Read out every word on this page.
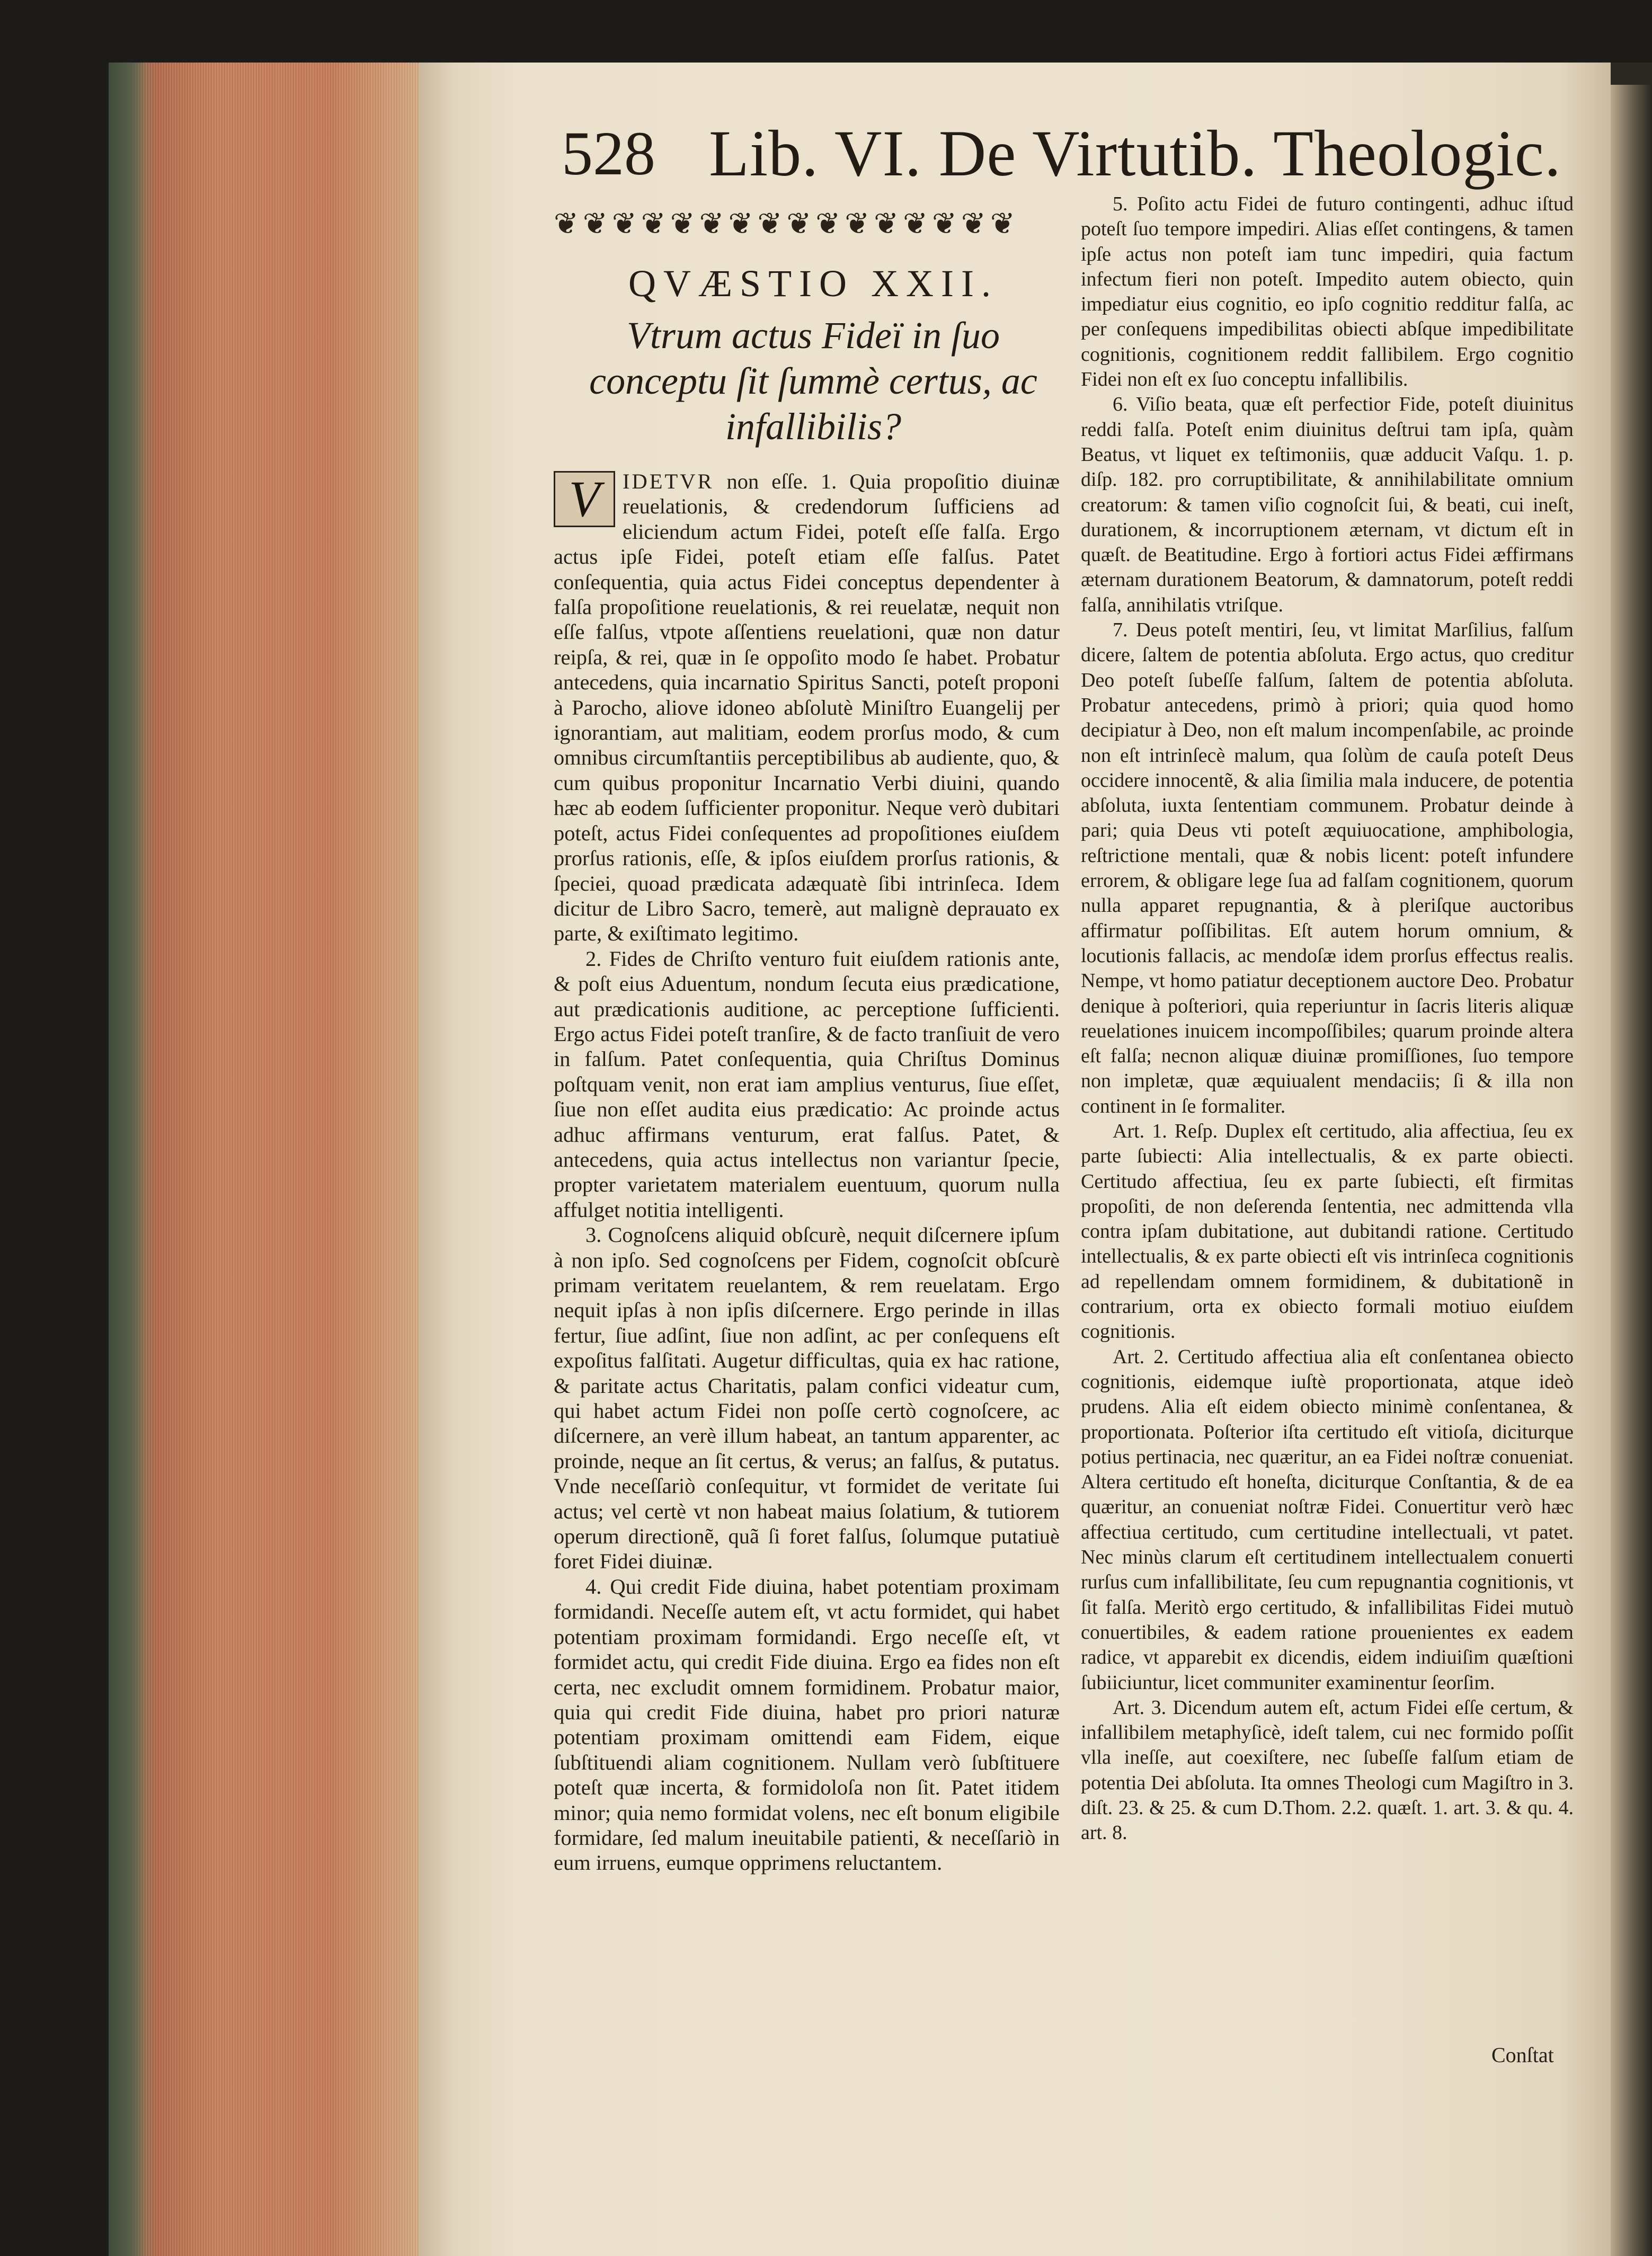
528 Lib. VI. De Virtutib. Theologic.
❦❦❦❦❦❦❦❦❦❦❦❦❦❦❦❦
QVÆSTIO XXII.
Vtrum actus Fideï in ſuo conceptu ſit ſummè certus, ac infallibilis?

V	IDETVR non eſſe. 1. Quia propoſitio diuinæ reuelationis, & credendorum ſufficiens ad eliciendum actum Fidei, poteſt eſſe falſa. Ergo actus ipſe Fidei, poteſt etiam eſſe falſus. Patet conſequentia, quia actus Fidei conceptus dependenter à falſa propoſitione reuelationis, & rei reuelatæ, nequit non eſſe falſus, vtpote aſſentiens reuelationi, quæ non datur reipſa, & rei, quæ in ſe oppoſito modo ſe habet. Probatur antecedens, quia incarnatio Spiritus Sancti, poteſt proponi à Parocho, aliove idoneo abſolutè Miniſtro Euangelij per ignorantiam, aut malitiam, eodem prorſus modo, & cum omnibus circumſtantiis perceptibilibus ab audiente, quo, & cum quibus proponitur Incarnatio Verbi diuini, quando hæc ab eodem ſufficienter proponitur. Neque verò dubitari poteſt, actus Fidei conſequentes ad propoſitiones eiuſdem prorſus rationis, eſſe, & ipſos eiuſdem prorſus rationis, & ſpeciei, quoad prædicata adæquatè ſibi intrinſeca. Idem dicitur de Libro Sacro, temerè, aut malignè deprauato ex parte, & exiſtimato legitimo.

2. Fides de Chriſto venturo fuit eiuſdem rationis ante, & poſt eius Aduentum, nondum ſecuta eius prædicatione, aut prædicationis auditione, ac perceptione ſufficienti. Ergo actus Fidei poteſt tranſire, & de facto tranſiuit de vero in falſum. Patet conſequentia, quia Chriſtus Dominus poſtquam venit, non erat iam amplius venturus, ſiue eſſet, ſiue non eſſet audita eius prædicatio: Ac proinde actus adhuc affirmans venturum, erat falſus. Patet, & antecedens, quia actus intellectus non variantur ſpecie, propter varietatem materialem euentuum, quorum nulla affulget notitia intelligenti.

3. Cognoſcens aliquid obſcurè, nequit diſcernere ipſum à non ipſo. Sed cognoſcens per Fidem, cognoſcit obſcurè primam veritatem reuelantem, & rem reuelatam. Ergo nequit ipſas à non ipſis diſcernere. Ergo perinde in illas fertur, ſiue adſint, ſiue non adſint, ac per conſequens eſt expoſitus falſitati. Augetur difficultas, quia ex hac ratione, & paritate actus Charitatis, palam confici videatur cum, qui habet actum Fidei non poſſe certò cognoſcere, ac diſcernere, an verè illum habeat, an tantum apparenter, ac proinde, neque an ſit certus, & verus; an falſus, & putatus. Vnde neceſſariò conſequitur, vt formidet de veritate ſui actus; vel certè vt non habeat maius ſolatium, & tutiorem operum directionẽ, quã ſi foret falſus, ſolumque putatiuè foret Fidei diuinæ.

4. Qui credit Fide diuina, habet potentiam proximam formidandi. Neceſſe autem eſt, vt actu formidet, qui habet potentiam proximam formidandi. Ergo neceſſe eſt, vt formidet actu, qui credit Fide diuina. Ergo ea fides non eſt certa, nec excludit omnem formidinem. Probatur maior, quia qui credit Fide diuina, habet pro priori naturæ potentiam proximam omittendi eam Fidem, eique ſubſtituendi aliam cognitionem. Nullam verò ſubſtituere poteſt quæ incerta, & formidoloſa non ſit. Patet itidem minor; quia nemo formidat volens, nec eſt bonum eligibile formidare, ſed malum ineuitabile patienti, & neceſſariò in eum irruens, eumque opprimens reluctantem.

5. Poſito actu Fidei de futuro contingenti, adhuc iſtud poteſt ſuo tempore impediri. Alias eſſet contingens, & tamen ipſe actus non poteſt iam tunc impediri, quia factum infectum fieri non poteſt. Impedito autem obiecto, quin impediatur eius cognitio, eo ipſo cognitio redditur falſa, ac per conſequens impedibilitas obiecti abſque impedibilitate cognitionis, cognitionem reddit fallibilem. Ergo cognitio Fidei non eſt ex ſuo conceptu infallibilis.

6. Viſio beata, quæ eſt perfectior Fide, poteſt diuinitus reddi falſa. Poteſt enim diuinitus deſtrui tam ipſa, quàm Beatus, vt liquet ex teſtimoniis, quæ adducit Vaſqu. 1. p. diſp. 182. pro corruptibilitate, & annihilabilitate omnium creatorum: & tamen viſio cognoſcit ſui, & beati, cui ineſt, durationem, & incorruptionem æternam, vt dictum eſt in quæſt. de Beatitudine. Ergo à fortiori actus Fidei æffirmans æternam durationem Beatorum, & damnatorum, poteſt reddi falſa, annihilatis vtriſque.

7. Deus poteſt mentiri, ſeu, vt limitat Marſilius, falſum dicere, ſaltem de potentia abſoluta. Ergo actus, quo creditur Deo poteſt ſubeſſe falſum, ſaltem de potentia abſoluta. Probatur antecedens, primò à priori; quia quod homo decipiatur à Deo, non eſt malum incompenſabile, ac proinde non eſt intrinſecè malum, qua ſolùm de cauſa poteſt Deus occidere innocentẽ, & alia ſimilia mala inducere, de potentia abſoluta, iuxta ſententiam communem. Probatur deinde à pari; quia Deus vti poteſt æquiuocatione, amphibologia, reſtrictione mentali, quæ & nobis licent: poteſt infundere errorem, & obligare lege ſua ad falſam cognitionem, quorum nulla apparet repugnantia, & à pleriſque auctoribus affirmatur poſſibilitas. Eſt autem horum omnium, & locutionis fallacis, ac mendoſæ idem prorſus effectus realis. Nempe, vt homo patiatur deceptionem auctore Deo. Probatur denique à poſteriori, quia reperiuntur in ſacris literis aliquæ reuelationes inuicem incompoſſibiles; quarum proinde altera eſt falſa; necnon aliquæ diuinæ promiſſiones, ſuo tempore non impletæ, quæ æquiualent mendaciis; ſi & illa non continent in ſe formaliter.

Art. 1. Reſp. Duplex eſt certitudo, alia affectiua, ſeu ex parte ſubiecti: Alia intellectualis, & ex parte obiecti. Certitudo affectiua, ſeu ex parte ſubiecti, eſt firmitas propoſiti, de non deſerenda ſententia, nec admittenda vlla contra ipſam dubitatione, aut dubitandi ratione. Certitudo intellectualis, & ex parte obiecti eſt vis intrinſeca cognitionis ad repellendam omnem formidinem, & dubitationẽ in contrarium, orta ex obiecto formali motiuo eiuſdem cognitionis.

Art. 2. Certitudo affectiua alia eſt conſentanea obiecto cognitionis, eidemque iuſtè proportionata, atque ideò prudens. Alia eſt eidem obiecto minimè conſentanea, & proportionata. Poſterior iſta certitudo eſt vitioſa, diciturque potius pertinacia, nec quæritur, an ea Fidei noſtræ conueniat. Altera certitudo eſt honeſta, diciturque Conſtantia, & de ea quæritur, an conueniat noſtræ Fidei. Conuertitur verò hæc affectiua certitudo, cum certitudine intellectuali, vt patet. Nec minùs clarum eſt certitudinem intellectualem conuerti rurſus cum infallibilitate, ſeu cum repugnantia cognitionis, vt ſit falſa. Meritò ergo certitudo, & infallibilitas Fidei mutuò conuertibiles, & eadem ratione prouenientes ex eadem radice, vt apparebit ex dicendis, eidem indiuiſim quæſtioni ſubiiciuntur, licet communiter examinentur ſeorſim.

Art. 3. Dicendum autem eſt, actum Fidei eſſe certum, & infallibilem metaphyſicè, ideſt talem, cui nec formido poſſit vlla ineſſe, aut coexiſtere, nec ſubeſſe falſum etiam de potentia Dei abſoluta. Ita omnes Theologi cum Magiſtro in 3. diſt. 23. & 25. & cum D.Thom. 2.2. quæſt. 1. art. 3. & qu. 4. art. 8.

Conſtat
